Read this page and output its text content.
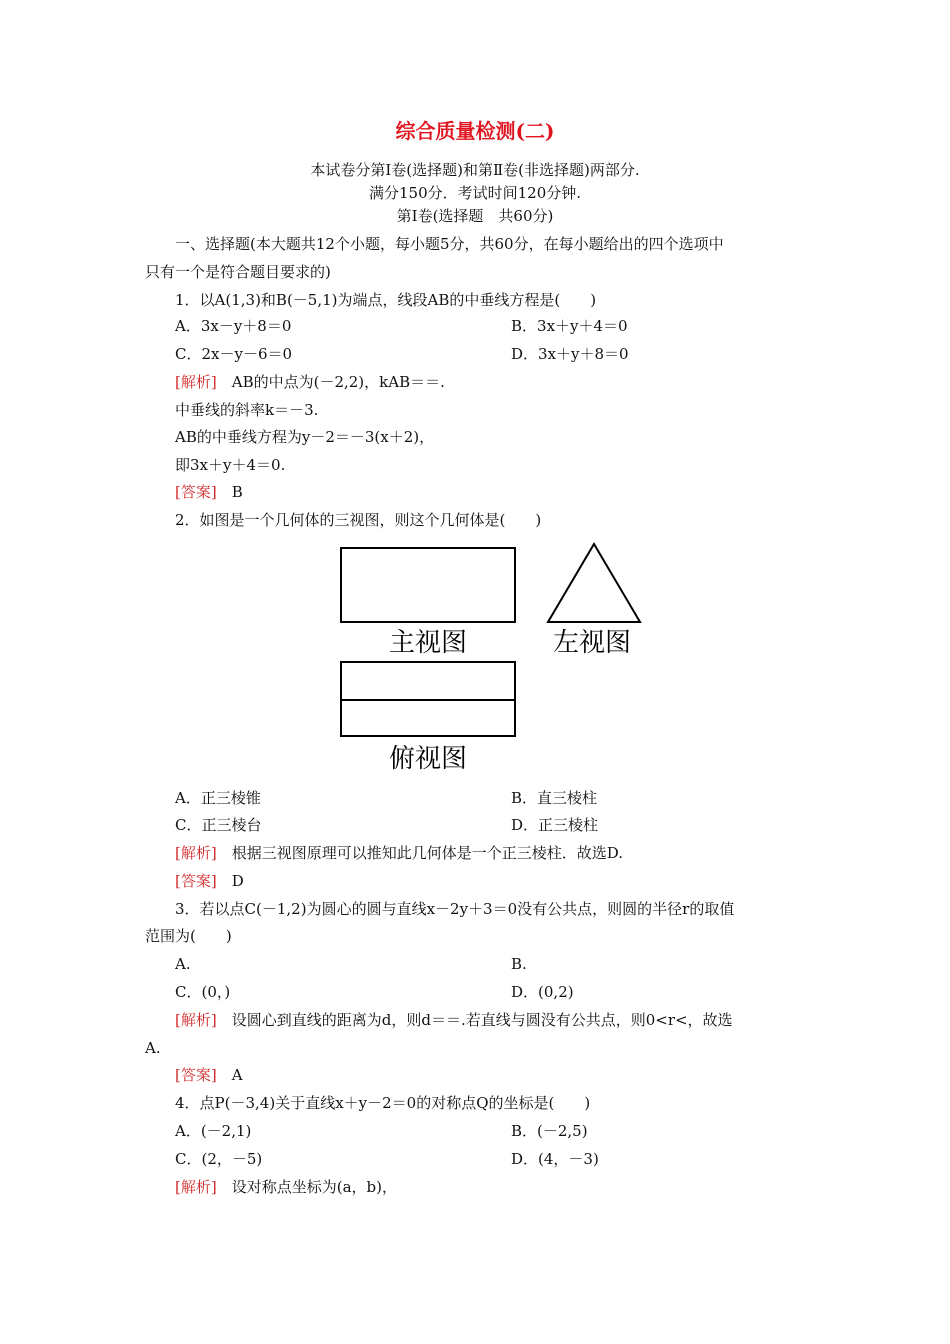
综合质量检测(二)
本试卷分第Ⅰ卷(选择题)和第Ⅱ卷(非选择题)两部分.
满分150分．考试时间120分钟.
第Ⅰ卷(选择题　共60分)
一、选择题(本大题共12个小题，每小题5分，共60分，在每小题给出的四个选项中
只有一个是符合题目要求的)
1．以A(1,3)和B(－5,1)为端点，线段AB的中垂线方程是(　　)
A．3x－y＋8＝0	B．3x＋y＋4＝0
C．2x－y－6＝0	D．3x＋y＋8＝0
[解析]　 AB的中点为(－2,2)，kAB＝＝.
中垂线的斜率k＝－3.
AB的中垂线方程为y－2＝－3(x＋2)，
即3x＋y＋4＝0.
[答案]　 B
2．如图是一个几何体的三视图，则这个几何体是(　　)
主视图	左视图
俯视图
A．正三棱锥	B．直三棱柱
C．正三棱台	D．正三棱柱
[解析]　 根据三视图原理可以推知此几何体是一个正三棱柱．故选D.
[答案]　 D
3．若以点C(－1,2)为圆心的圆与直线x－2y＋3＝0没有公共点，则圆的半径r的取值
范围为(　　)
A.	B.
C．(0，)	D．(0,2)
[解析]　 设圆心到直线的距离为d，则d＝＝.若直线与圆没有公共点，则0<r<，故选
A.
[答案]　 A
4．点P(－3,4)关于直线x＋y－2＝0的对称点Q的坐标是(　　)
A．(－2,1)	B．(－2,5)
C．(2，－5)	D．(4，－3)
[解析]　 设对称点坐标为(a，b)，
